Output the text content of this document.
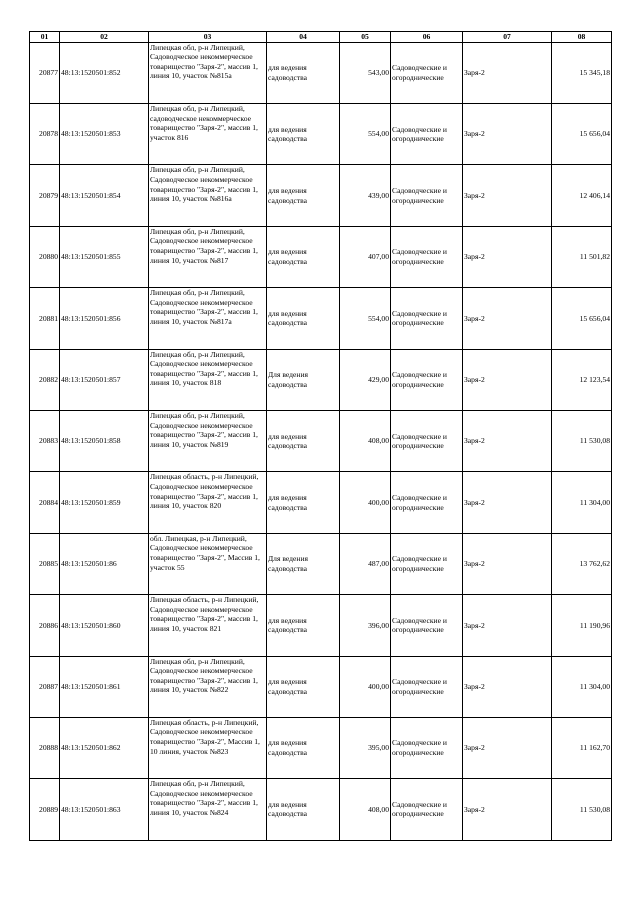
01	02	03	04	05	06	07	08
20877	48:13:1520501:852	Липецкая обл, р-н Липецкий, Садоводческое некоммерческое товарищество "Заря-2", массив 1, линия 10, участок №815а	для ведения садоводства	543,00	Садоводческие и огороднические	Заря-2	15 345,18
20878	48:13:1520501:853	Липецкая обл, р-н Липецкий, садоводческое некоммерческое товарищество "Заря-2", массив 1, участок 816	для ведения садоводства	554,00	Садоводческие и огороднические	Заря-2	15 656,04
20879	48:13:1520501:854	Липецкая обл, р-н Липецкий, Садоводческое некоммерческое товарищество "Заря-2", массив 1, линия 10, участок №816а	для ведения садоводства	439,00	Садоводческие и огороднические	Заря-2	12 406,14
20880	48:13:1520501:855	Липецкая обл, р-н Липецкий, Садоводческое некоммерческое товарищество "Заря-2", массив 1, линия 10, участок №817	для ведения садоводства	407,00	Садоводческие и огороднические	Заря-2	11 501,82
20881	48:13:1520501:856	Липецкая обл, р-н Липецкий, Садоводческое некоммерческое товарищество "Заря-2", массив 1, линия 10, участок №817а	для ведения садоводства	554,00	Садоводческие и огороднические	Заря-2	15 656,04
20882	48:13:1520501:857	Липецкая обл, р-н Липецкий, Садоводческое некоммерческое товарищество "Заря-2", массив 1, линия 10, участок 818	Для ведения садоводства	429,00	Садоводческие и огороднические	Заря-2	12 123,54
20883	48:13:1520501:858	Липецкая обл, р-н Липецкий, Садоводческое некоммерческое товарищество "Заря-2", массив 1, линия 10, участок №819	для ведения садоводства	408,00	Садоводческие и огороднические	Заря-2	11 530,08
20884	48:13:1520501:859	Липецкая область, р-н Липецкий, Садоводческое некоммерческое товарищество "Заря-2", массив 1, линия 10, участок 820	для ведения садоводства	400,00	Садоводческие и огороднические	Заря-2	11 304,00
20885	48:13:1520501:86	обл. Липецкая, р-н Липецкий, Садоводческое некоммерческое товарищество "Заря-2", Массив 1, участок 55	Для ведения садоводства	487,00	Садоводческие и огороднические	Заря-2	13 762,62
20886	48:13:1520501:860	Липецкая область, р-н Липецкий, Садоводческое некоммерческое товарищество "Заря-2", массив 1, линия 10, участок 821	для ведения садоводства	396,00	Садоводческие и огороднические	Заря-2	11 190,96
20887	48:13:1520501:861	Липецкая обл, р-н Липецкий, Садоводческое некоммерческое товарищество "Заря-2", массив 1, линия 10, участок №822	для ведения садоводства	400,00	Садоводческие и огороднические	Заря-2	11 304,00
20888	48:13:1520501:862	Липецкая область, р-н Липецкий, Садоводческое некоммерческое товарищество "Заря-2", Массив 1, 10 линия, участок №823	для ведения садоводства	395,00	Садоводческие и огороднические	Заря-2	11 162,70
20889	48:13:1520501:863	Липецкая обл, р-н Липецкий, Садоводческое некоммерческое товарищество "Заря-2", массив 1, линия 10, участок №824	для ведения садоводства	408,00	Садоводческие и огороднические	Заря-2	11 530,08
